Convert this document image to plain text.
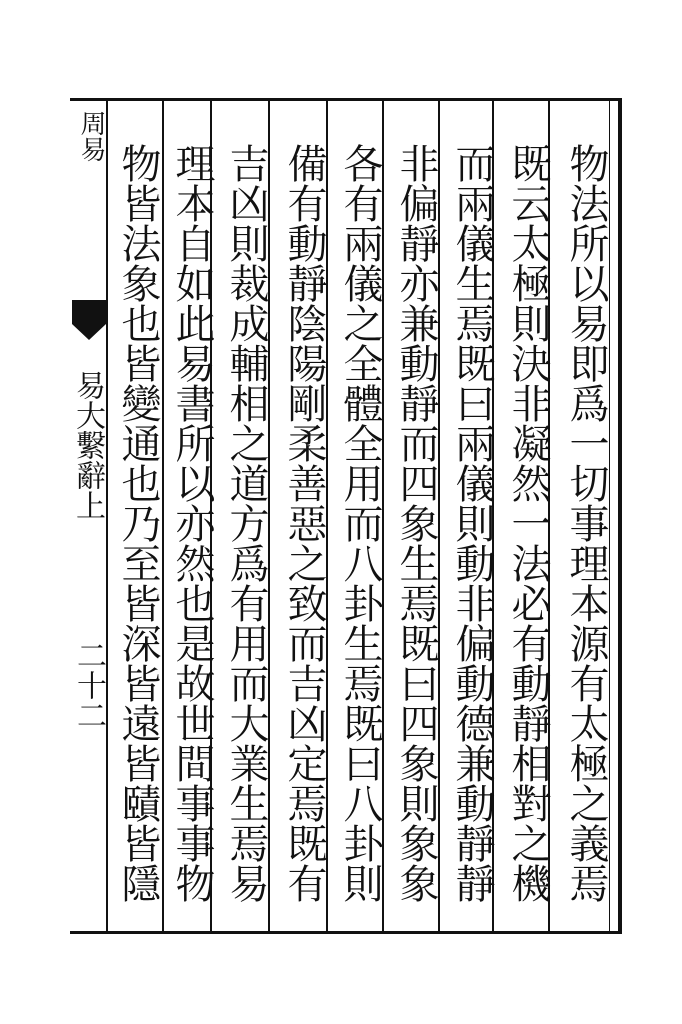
周易
易大繫辭上
二十二	物法所以易即爲一切事理本源有太極之義焉
既云太極則決非凝然一法必有動靜相對之機
而兩儀生焉既曰兩儀則動非偏動德兼動靜靜
非偏靜亦兼動靜而四象生焉既曰四象則象象
各有兩儀之全體全用而八卦生焉既曰八卦則
備有動靜陰陽剛柔善惡之致而吉凶定焉既有
吉凶則裁成輔相之道方爲有用而大業生焉易
理本自如此易書所以亦然也是故世間事事物
物皆法象也皆變通也乃至皆深皆遠皆賾皆隱
